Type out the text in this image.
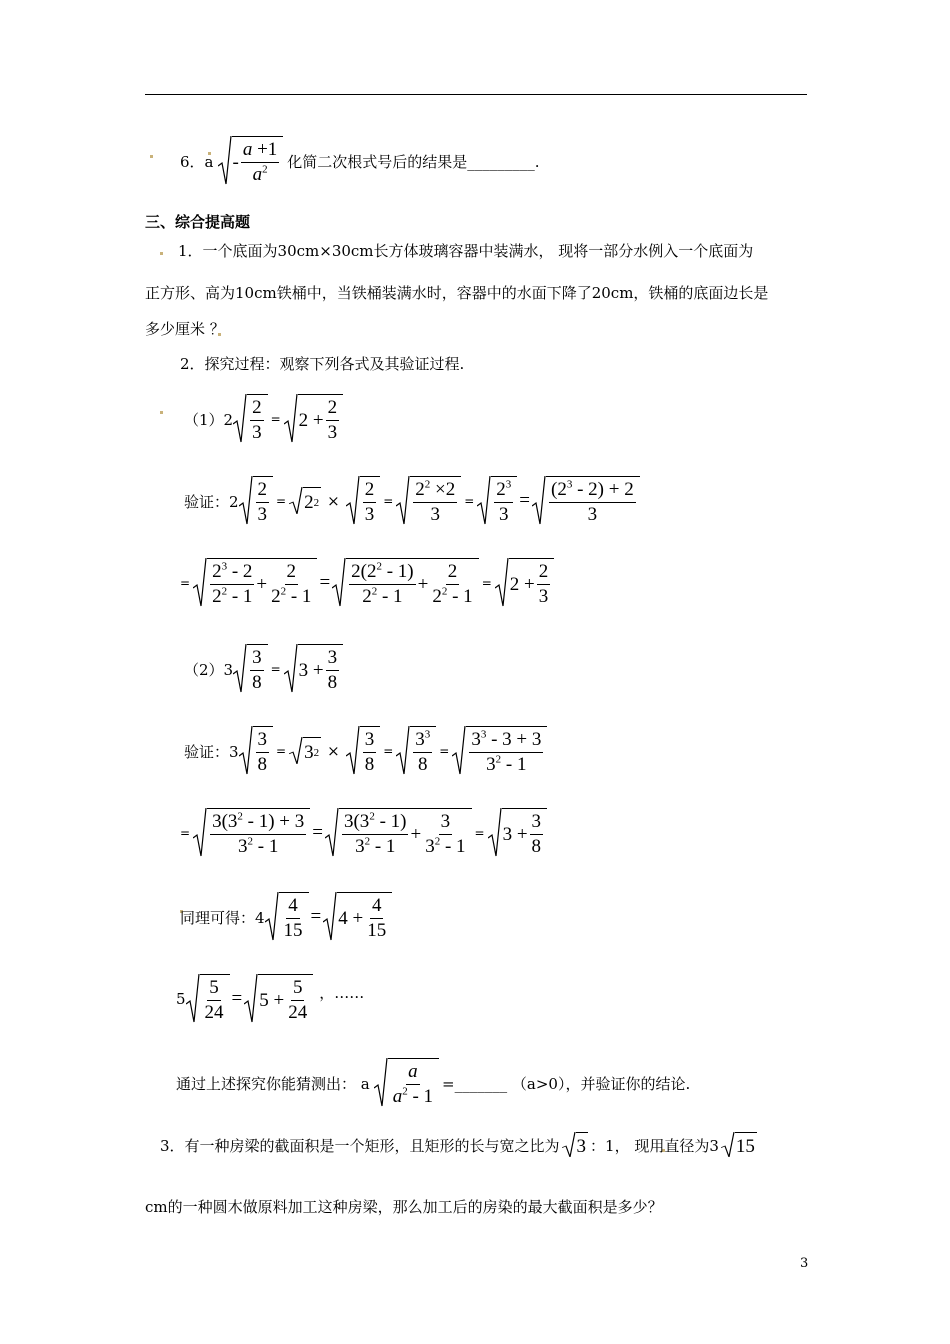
6．a - $\frac{a +1}{a^2}$ 化简二次根式号后的结果是_________.
三、综合提高题
1．一个底面为30cm×30cm长方体玻璃容器中装满水， 现将一部分水例入一个底面为
正方形、高为10cm铁桶中，当铁桶装满水时，容器中的水面下降了20cm，铁桶的底面边长是
多少厘米 ？
2．探究过程：观察下列各式及其验证过程.
$(1)2 \frac{2}{3} = 2 + \frac{2}{3}$
验证：$2 \frac{2}{3} = 2$ $2 \times \frac{2}{3} = \frac{2^2 \times 2}{3} = \frac{2^3}{3} = \frac{(2^3 - 2) + 2}{3}$
= $\frac{2^3 - 2}{2^2 - 1} + \frac{2}{2^2 - 1} = \frac{2(2^2 - 1)}{2^2 - 1} + \frac{2}{2^2 - 1} = 2 + \frac{2}{3}$
$(2)3 \frac{3}{8} = 3 + \frac{3}{8}$
验证：$3 \frac{3}{8} = 3$ $2 \times \frac{3}{8} = \frac{3^3}{8} = \frac{3^3 - 3 + 3}{3^2 - 1}$
= $\frac{3(3^2 - 1) + 3}{3^2 - 1} = \frac{3(3^2 - 1)}{3^2 - 1} + \frac{3}{3^2 - 1} = 3 + \frac{3}{8}$
同理可得：$4 \frac{4}{15} = 4 + \frac{4}{15}$
$5 \frac{5}{24} = 5 + \frac{5}{24}$ ，……
通过上述探究你能猜测出： a $\frac{a}{a^2 - 1}$ =_______ （a>0），并验证你的结论.
3．有一种房梁的截面积是一个矩形，且矩形的长与宽之比为 3 ：1， 现用直径为3 15
cm的一种圆木做原料加工这种房梁，那么加工后的房染的最大截面积是多少？
3
